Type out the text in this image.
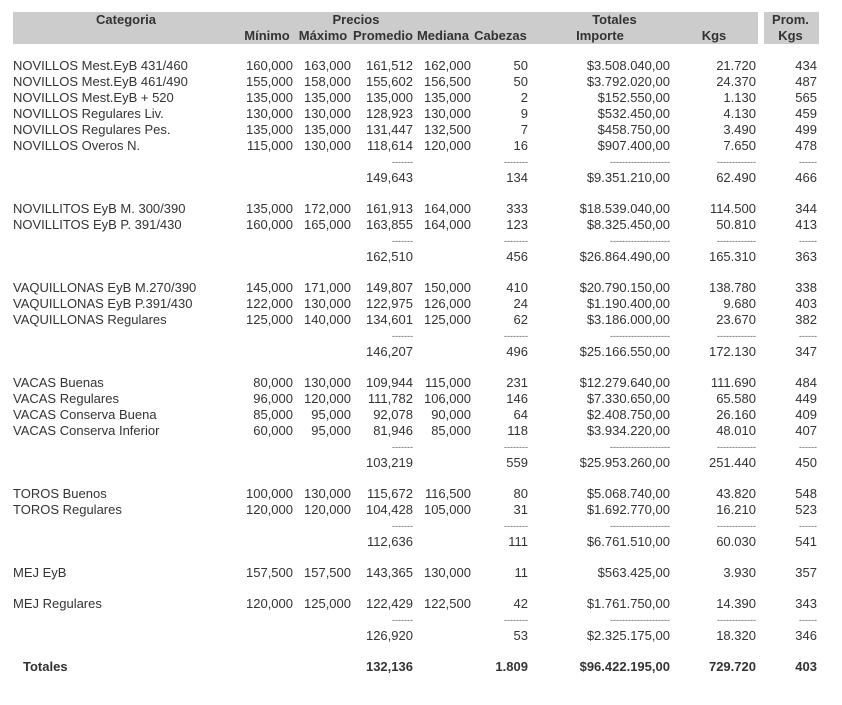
Categoria	Precios				Totales				Prom.
	Mínimo	Máximo	Promedio	Mediana	Cabezas	Importe	Kgs		Kgs

NOVILLOS Mest.EyB 431/460	160,000	163,000	161,512	162,000	50	$3.508.040,00	21.720		434
NOVILLOS Mest.EyB 461/490	155,000	158,000	155,602	156,500	50	$3.792.020,00	24.370		487
NOVILLOS Mest.EyB + 520	135,000	135,000	135,000	135,000	2	$152.550,00	1.130		565
NOVILLOS Regulares Liv.	130,000	130,000	128,923	130,000	9	$532.450,00	4.130		459
NOVILLOS Regulares Pes.	135,000	135,000	131,447	132,500	7	$458.750,00	3.490		499
NOVILLOS Overos N.	115,000	130,000	118,614	120,000	16	$907.400,00	7.650		478
			-------		--------	--------------------	-------------		------
			149,643		134	$9.351.210,00	62.490		466

NOVILLITOS EyB M. 300/390	135,000	172,000	161,913	164,000	333	$18.539.040,00	114.500		344
NOVILLITOS EyB P. 391/430	160,000	165,000	163,855	164,000	123	$8.325.450,00	50.810		413
			-------		--------	--------------------	-------------		------
			162,510		456	$26.864.490,00	165.310		363

VAQUILLONAS EyB M.270/390	145,000	171,000	149,807	150,000	410	$20.790.150,00	138.780		338
VAQUILLONAS EyB P.391/430	122,000	130,000	122,975	126,000	24	$1.190.400,00	9.680		403
VAQUILLONAS Regulares	125,000	140,000	134,601	125,000	62	$3.186.000,00	23.670		382
			-------		--------	--------------------	-------------		------
			146,207		496	$25.166.550,00	172.130		347

VACAS Buenas	80,000	130,000	109,944	115,000	231	$12.279.640,00	111.690		484
VACAS Regulares	96,000	120,000	111,782	106,000	146	$7.330.650,00	65.580		449
VACAS Conserva Buena	85,000	95,000	92,078	90,000	64	$2.408.750,00	26.160		409
VACAS Conserva Inferior	60,000	95,000	81,946	85,000	118	$3.934.220,00	48.010		407
			-------		--------	--------------------	-------------		------
			103,219		559	$25.953.260,00	251.440		450

TOROS Buenos	100,000	130,000	115,672	116,500	80	$5.068.740,00	43.820		548
TOROS Regulares	120,000	120,000	104,428	105,000	31	$1.692.770,00	16.210		523
			-------		--------	--------------------	-------------		------
			112,636		111	$6.761.510,00	60.030		541

MEJ EyB	157,500	157,500	143,365	130,000	11	$563.425,00	3.930		357

MEJ Regulares	120,000	125,000	122,429	122,500	42	$1.761.750,00	14.390		343
			-------		--------	--------------------	-------------		------
			126,920		53	$2.325.175,00	18.320		346

Totales			132,136		1.809	$96.422.195,00	729.720		403
